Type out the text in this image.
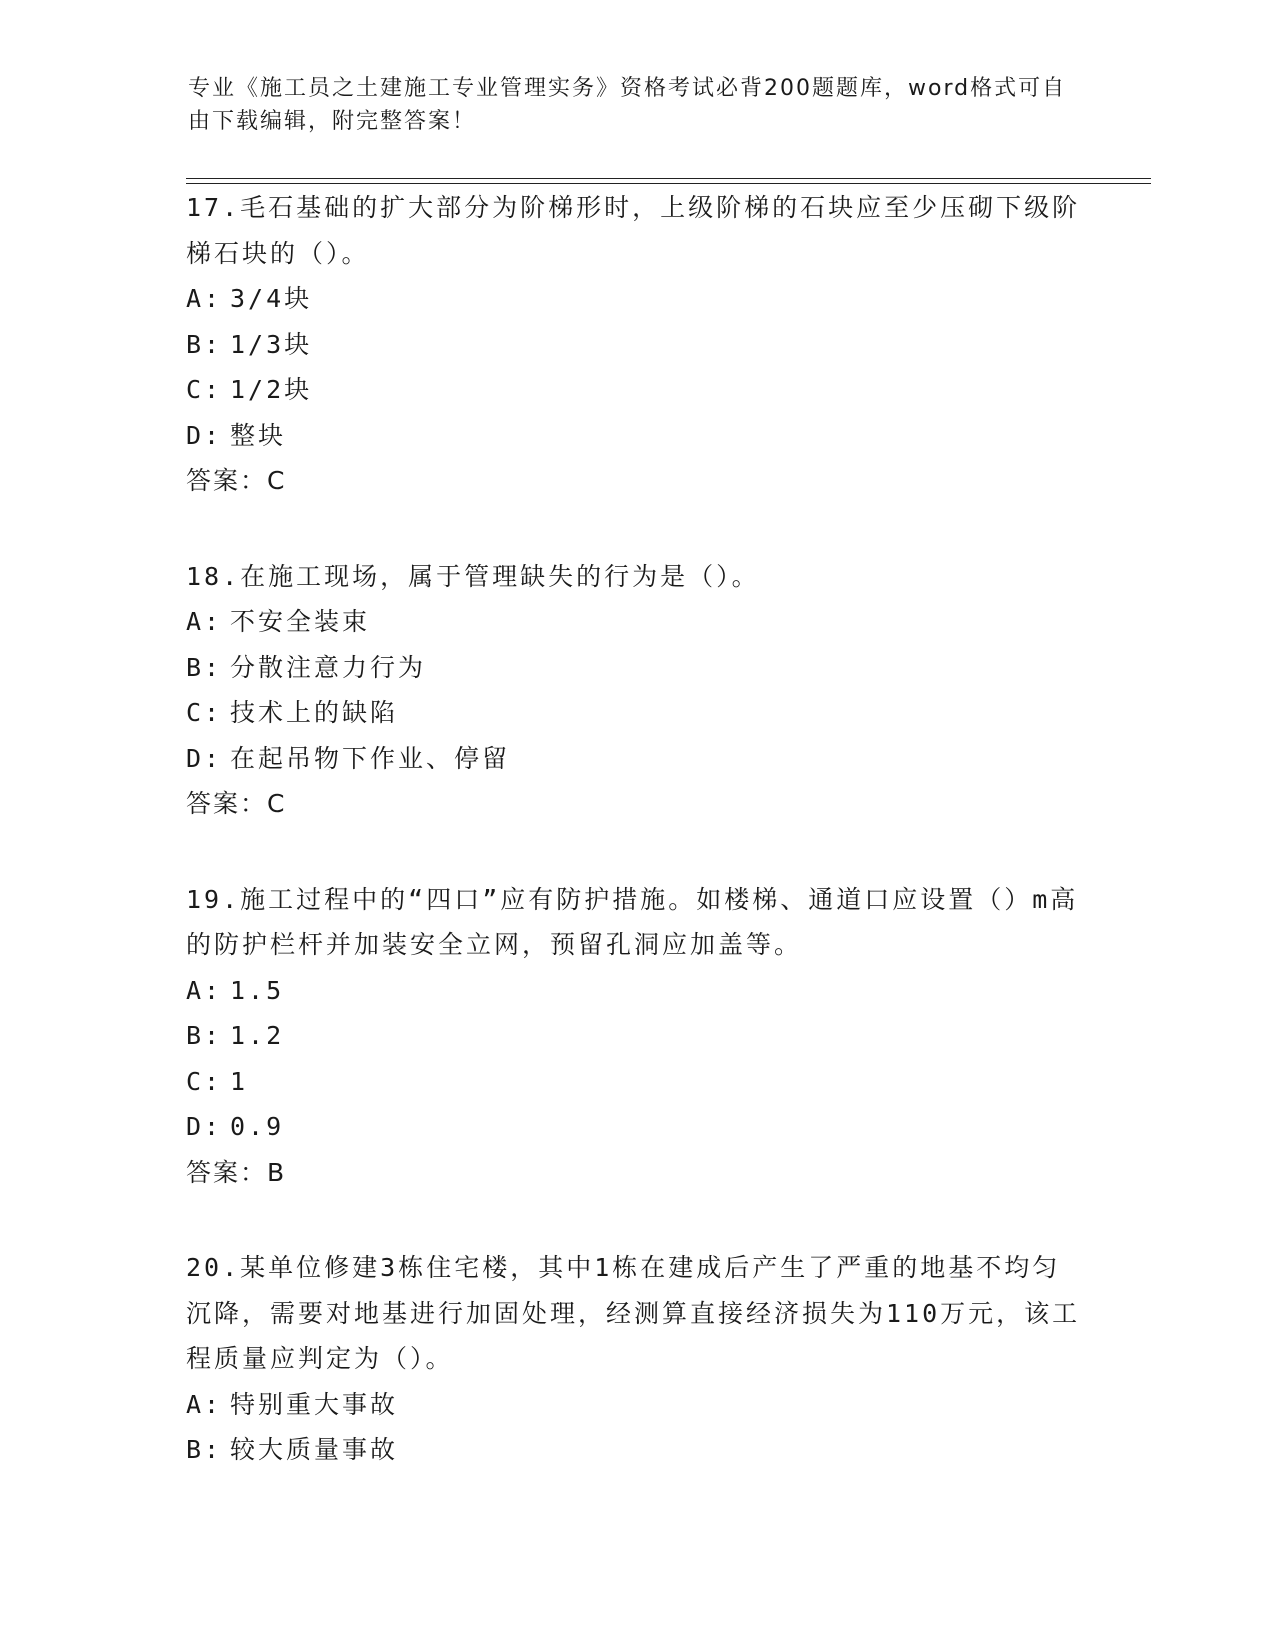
专业《施工员之土建施工专业管理实务》资格考试必背200题题库，word格式可自由下载编辑，附完整答案！
17.毛石基础的扩大部分为阶梯形时，上级阶梯的石块应至少压砌下级阶梯石块的（）。
A: 3/4块
B: 1/3块
C: 1/2块
D: 整块
答案：C
18.在施工现场，属于管理缺失的行为是（）。
A: 不安全装束
B: 分散注意力行为
C: 技术上的缺陷
D: 在起吊物下作业、停留
答案：C
19.施工过程中的“四口”应有防护措施。如楼梯、通道口应设置（）m高的防护栏杆并加装安全立网，预留孔洞应加盖等。
A: 1.5
B: 1.2
C: 1
D: 0.9
答案：B
20.某单位修建3栋住宅楼，其中1栋在建成后产生了严重的地基不均匀沉降，需要对地基进行加固处理，经测算直接经济损失为110万元，该工程质量应判定为（）。
A: 特别重大事故
B: 较大质量事故
